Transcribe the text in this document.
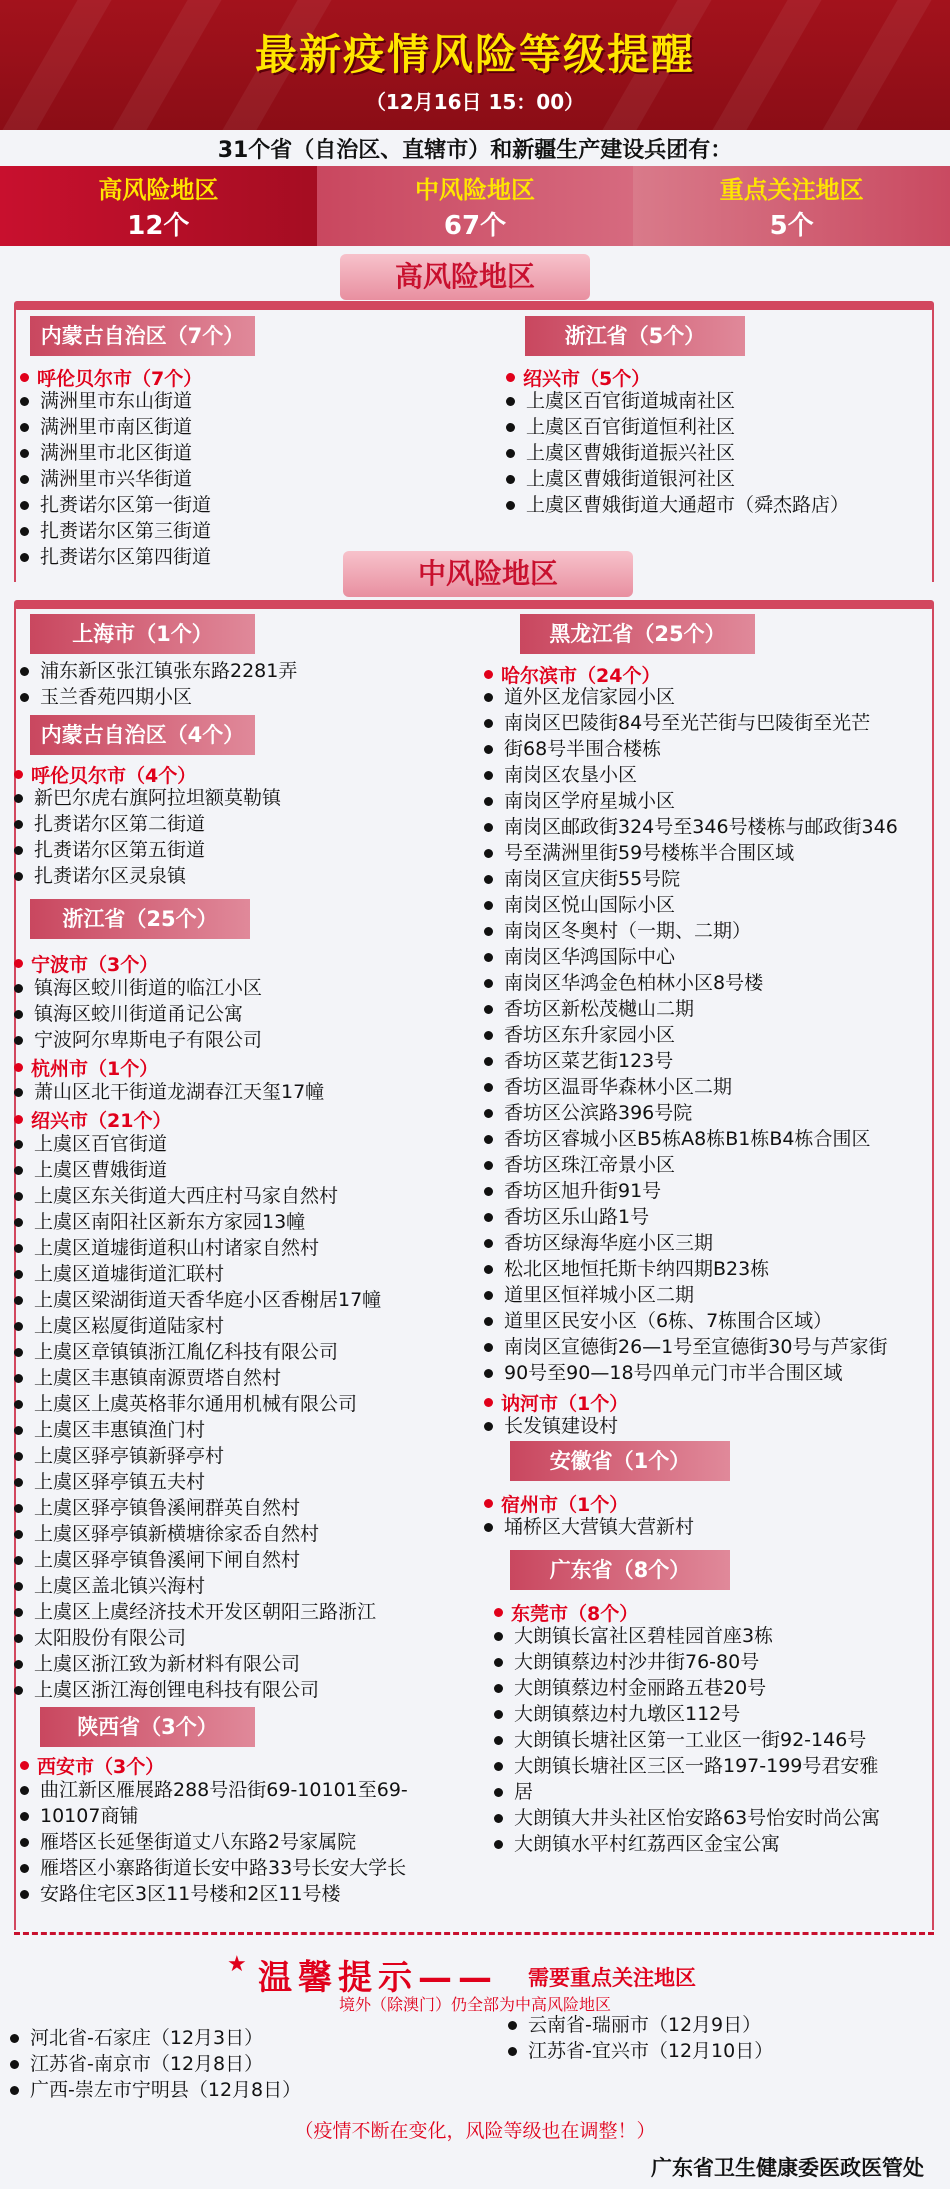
最新疫情风险等级提醒
（12月16日 15：00）
31个省（自治区、直辖市）和新疆生产建设兵团有：
高风险地区
12个
中风险地区
67个
重点关注地区
5个
高风险地区
内蒙古自治区（7个）
呼伦贝尔市（7个）
满洲里市东山街道
满洲里市南区街道
满洲里市北区街道
满洲里市兴华街道
扎赉诺尔区第一街道
扎赉诺尔区第三街道
扎赉诺尔区第四街道
浙江省（5个）
绍兴市（5个）
上虞区百官街道城南社区
上虞区百官街道恒利社区
上虞区曹娥街道振兴社区
上虞区曹娥街道银河社区
上虞区曹娥街道大通超市（舜杰路店）
中风险地区
上海市（1个）
内蒙古自治区（4个）
呼伦贝尔市（4个）
浙江省（25个）
宁波市（3个）
杭州市（1个）
绍兴市（21个）
陕西省（3个）
西安市（3个）
黑龙江省（25个）
哈尔滨市（24个）
讷河市（1个）
安徽省（1个）
宿州市（1个）
广东省（8个）
东莞市（8个）
浦东新区张江镇张东路2281弄
玉兰香苑四期小区
新巴尔虎右旗阿拉坦额莫勒镇
扎赉诺尔区第二街道
扎赉诺尔区第五街道
扎赉诺尔区灵泉镇
镇海区蛟川街道的临江小区
镇海区蛟川街道甬记公寓
宁波阿尔卑斯电子有限公司
萧山区北干街道龙湖春江天玺17幢
上虞区百官街道
上虞区曹娥街道
上虞区东关街道大西庄村马家自然村
上虞区南阳社区新东方家园13幢
上虞区道墟街道积山村诸家自然村
上虞区道墟街道汇联村
上虞区梁湖街道天香华庭小区香榭居17幢
上虞区崧厦街道陆家村
上虞区章镇镇浙江胤亿科技有限公司
上虞区丰惠镇南源贾塔自然村
上虞区上虞英格菲尔通用机械有限公司
上虞区丰惠镇渔门村
上虞区驿亭镇新驿亭村
上虞区驿亭镇五夫村
上虞区驿亭镇鲁溪闸群英自然村
上虞区驿亭镇新横塘徐家岙自然村
上虞区驿亭镇鲁溪闸下闸自然村
上虞区盖北镇兴海村
上虞区上虞经济技术开发区朝阳三路浙江
太阳股份有限公司
上虞区浙江致为新材料有限公司
上虞区浙江海创锂电科技有限公司
曲江新区雁展路288号沿街69-10101至69-
10107商铺
雁塔区长延堡街道丈八东路2号家属院
雁塔区小寨路街道长安中路33号长安大学长
安路住宅区3区11号楼和2区11号楼
道外区龙信家园小区
南岗区巴陵街84号至光芒街与巴陵街至光芒
街68号半围合楼栋
南岗区农垦小区
南岗区学府星城小区
南岗区邮政街324号至346号楼栋与邮政街346
号至满洲里街59号楼栋半合围区域
南岗区宣庆街55号院
南岗区悦山国际小区
南岗区冬奥村（一期、二期）
南岗区华鸿国际中心
南岗区华鸿金色柏林小区8号楼
香坊区新松茂樾山二期
香坊区东升家园小区
香坊区菜艺街123号
香坊区温哥华森林小区二期
香坊区公滨路396号院
香坊区睿城小区B5栋A8栋B1栋B4栋合围区
香坊区珠江帝景小区
香坊区旭升街91号
香坊区乐山路1号
香坊区绿海华庭小区三期
松北区地恒托斯卡纳四期B23栋
道里区恒祥城小区二期
道里区民安小区（6栋、7栋围合区域）
南岗区宣德街26—1号至宣德街30号与芦家街
90号至90—18号四单元门市半合围区域
长发镇建设村
埇桥区大营镇大营新村
大朗镇长富社区碧桂园首座3栋
大朗镇蔡边村沙井街76-80号
大朗镇蔡边村金丽路五巷20号
大朗镇蔡边村九墩区112号
大朗镇长塘社区第一工业区一街92-146号
大朗镇长塘社区三区一路197-199号君安雅
居
大朗镇大井头社区怡安路63号怡安时尚公寓
大朗镇水平村红荔西区金宝公寓
★ 温馨提示—— 需要重点关注地区
境外（除澳门）仍全部为中高风险地区
河北省-石家庄（12月3日）
江苏省-南京市（12月8日）
广西-崇左市宁明县（12月8日）
云南省-瑞丽市（12月9日）
江苏省-宜兴市（12月10日）
（疫情不断在变化，风险等级也在调整！）
广东省卫生健康委医政医管处
